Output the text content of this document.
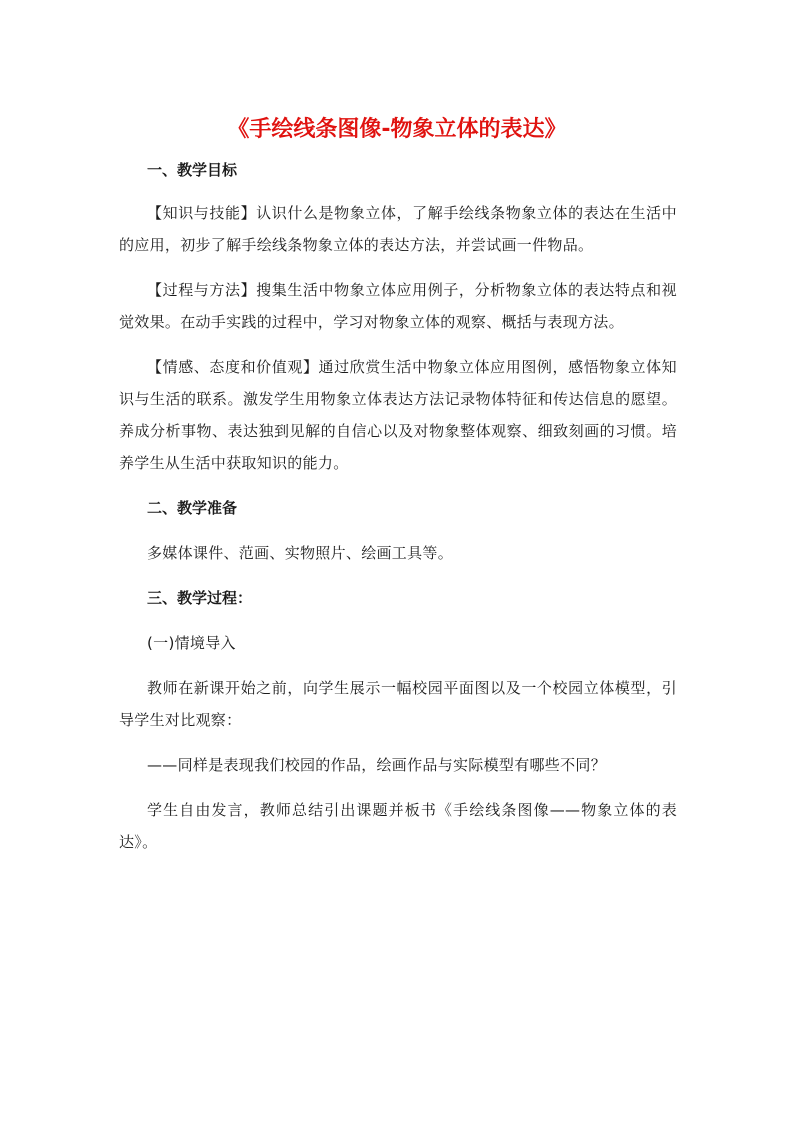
《手绘线条图像-物象立体的表达》

一、教学目标

【知识与技能】认识什么是物象立体，了解手绘线条物象立体的表达在生活中的应用，初步了解手绘线条物象立体的表达方法，并尝试画一件物品。

【过程与方法】搜集生活中物象立体应用例子，分析物象立体的表达特点和视觉效果。在动手实践的过程中，学习对物象立体的观察、概括与表现方法。

【情感、态度和价值观】通过欣赏生活中物象立体应用图例，感悟物象立体知识与生活的联系。激发学生用物象立体表达方法记录物体特征和传达信息的愿望。养成分析事物、表达独到见解的自信心以及对物象整体观察、细致刻画的习惯。培养学生从生活中获取知识的能力。

二、教学准备

多媒体课件、范画、实物照片、绘画工具等。

三、教学过程：

(一)情境导入

教师在新课开始之前，向学生展示一幅校园平面图以及一个校园立体模型，引导学生对比观察：

——同样是表现我们校园的作品，绘画作品与实际模型有哪些不同？

学生自由发言，教师总结引出课题并板书《手绘线条图像——物象立体的表达》。
